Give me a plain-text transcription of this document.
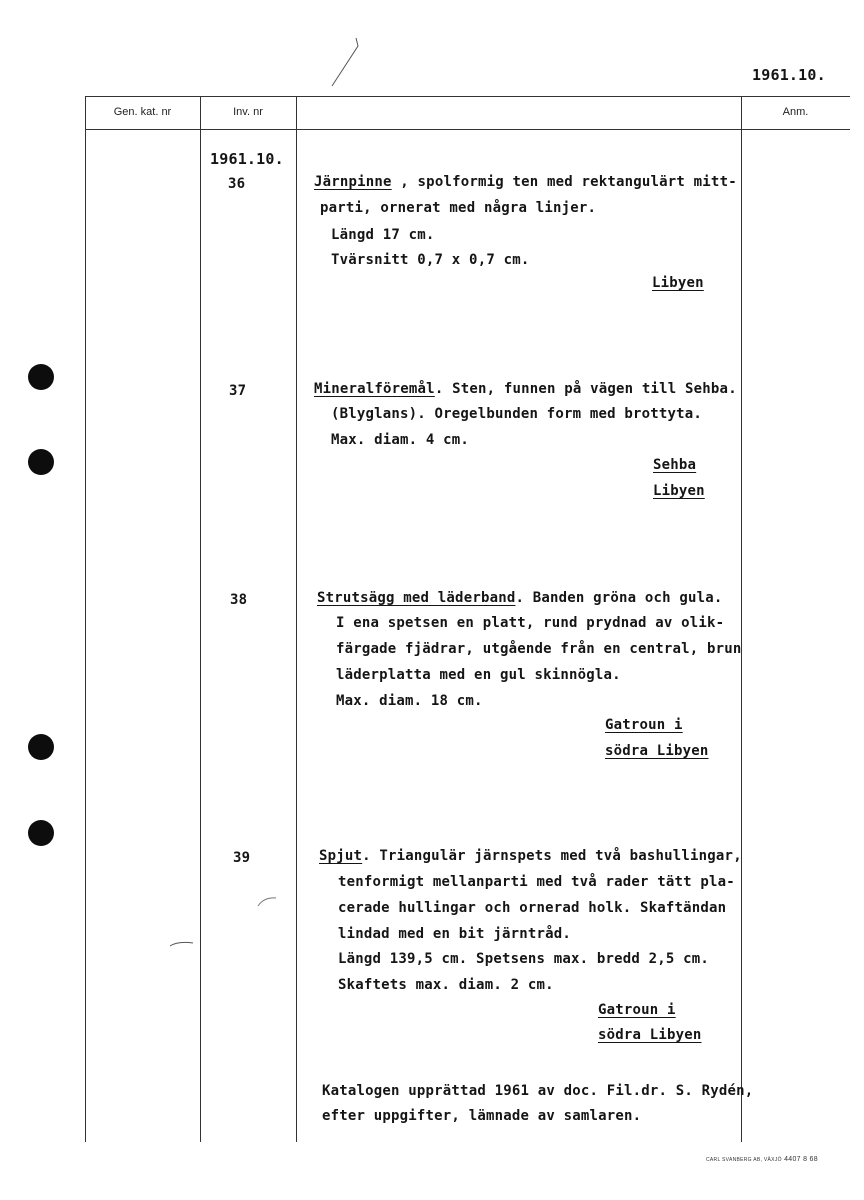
1961.10.
Gen. kat. nr	Inv. nr	Anm.
1961.10.
36	Järnpinne , spolformig ten med rektangulärt mitt-
parti, ornerat med några linjer.
Längd 17 cm.
Tvärsnitt 0,7 x 0,7 cm.
Libyen
37	Mineralföremål. Sten, funnen på vägen till Sehba.
(Blyglans). Oregelbunden form med brottyta.
Max. diam. 4 cm.
Sehba
Libyen
38	Strutsägg med läderband. Banden gröna och gula.
I ena spetsen en platt, rund prydnad av olik-
färgade fjädrar, utgående från en central, brun
läderplatta med en gul skinnögla.
Max. diam. 18 cm.
Gatroun i
södra Libyen
39	Spjut. Triangulär järnspets med två bashullingar,
tenformigt mellanparti med två rader tätt pla-
cerade hullingar och ornerad holk. Skaftändan
lindad med en bit järntråd.
Längd 139,5 cm. Spetsens max. bredd 2,5 cm.
Skaftets max. diam. 2 cm.
Gatroun i
södra Libyen
Katalogen upprättad 1961 av doc. Fil.dr. S. Rydén,
efter uppgifter, lämnade av samlaren.
CARL SVANBERG AB, VÄXJÖ 4407 8 68
